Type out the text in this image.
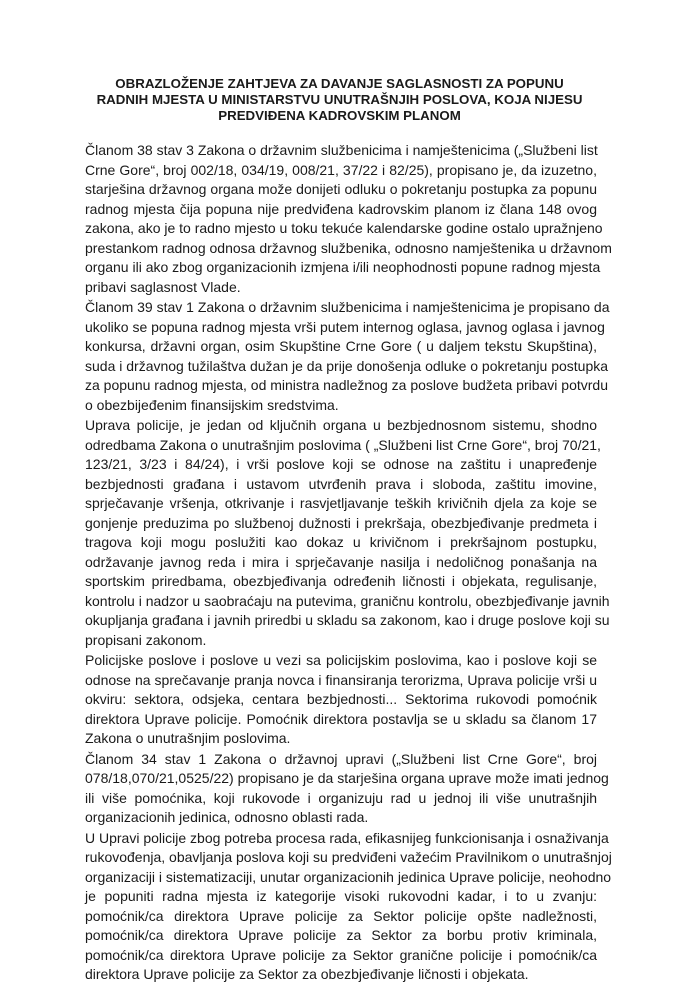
OBRAZLOŽENJE ZAHTJEVA ZA DAVANJE SAGLASNOSTI ZA POPUNU
RADNIH MJESTA U MINISTARSTVU UNUTRAŠNJIH POSLOVA, KOJA NIJESU
PREDVIĐENA KADROVSKIM PLANOM
Članom 38 stav 3 Zakona o državnim službenicima i namještenicima („Službeni list
Crne Gore“, broj 002/18, 034/19, 008/21, 37/22 i 82/25), propisano je, da izuzetno,
starješina državnog organa može donijeti odluku o pokretanju postupka za popunu
radnog mjesta čija popuna nije predviđena kadrovskim planom iz člana 148 ovog
zakona, ako je to radno mjesto u toku tekuće kalendarske godine ostalo upražnjeno
prestankom radnog odnosa državnog službenika, odnosno namještenika u državnom
organu ili ako zbog organizacionih izmjena i/ili neophodnosti popune radnog mjesta
pribavi saglasnost Vlade.
Članom 39 stav 1 Zakona o državnim službenicima i namještenicima je propisano da
ukoliko se popuna radnog mjesta vrši putem internog oglasa, javnog oglasa i javnog
konkursa, državni organ, osim Skupštine Crne Gore ( u daljem tekstu Skupština),
suda i državnog tužilaštva dužan je da prije donošenja odluke o pokretanju postupka
za popunu radnog mjesta, od ministra nadležnog za poslove budžeta pribavi potvrdu
o obezbijeđenim finansijskim sredstvima.
Uprava policije, je jedan od ključnih organa u bezbjednosnom sistemu, shodno
odredbama Zakona o unutrašnjim poslovima ( „Službeni list Crne Gore“, broj 70/21,
123/21, 3/23 i 84/24), i vrši poslove koji se odnose na zaštitu i unapređenje
bezbjednosti građana i ustavom utvrđenih prava i sloboda, zaštitu imovine,
sprječavanje vršenja, otkrivanje i rasvjetljavanje teških krivičnih djela za koje se
gonjenje preduzima po službenoj dužnosti i prekršaja, obezbjeđivanje predmeta i
tragova koji mogu poslužiti kao dokaz u krivičnom i prekršajnom postupku,
održavanje javnog reda i mira i sprječavanje nasilja i nedoličnog ponašanja na
sportskim priredbama, obezbjeđivanja određenih ličnosti i objekata, regulisanje,
kontrolu i nadzor u saobraćaju na putevima, graničnu kontrolu, obezbjeđivanje javnih
okupljanja građana i javnih priredbi u skladu sa zakonom, kao i druge poslove koji su
propisani zakonom.
Policijske poslove i poslove u vezi sa policijskim poslovima, kao i poslove koji se
odnose na sprečavanje pranja novca i finansiranja terorizma, Uprava policije vrši u
okviru: sektora, odsjeka, centara bezbjednosti... Sektorima rukovodi pomoćnik
direktora Uprave policije. Pomoćnik direktora postavlja se u skladu sa članom 17
Zakona o unutrašnjim poslovima.
Članom 34 stav 1 Zakona o državnoj upravi („Službeni list Crne Gore“, broj
078/18,070/21,0525/22) propisano je da starješina organa uprave može imati jednog
ili više pomoćnika, koji rukovode i organizuju rad u jednoj ili više unutrašnjih
organizacionih jedinica, odnosno oblasti rada.
U Upravi policije zbog potreba procesa rada, efikasnijeg funkcionisanja i osnaživanja
rukovođenja, obavljanja poslova koji su predviđeni važećim Pravilnikom o unutrašnjoj
organizaciji i sistematizaciji, unutar organizacionih jedinica Uprave policije, neohodno
je popuniti radna mjesta iz kategorije visoki rukovodni kadar, i to u zvanju:
pomoćnik/ca direktora Uprave policije za Sektor policije opšte nadležnosti,
pomoćnik/ca direktora Uprave policije za Sektor za borbu protiv kriminala,
pomoćnik/ca direktora Uprave policije za Sektor granične policije i pomoćnik/ca
direktora Uprave policije za Sektor za obezbjeđivanje ličnosti i objekata.
